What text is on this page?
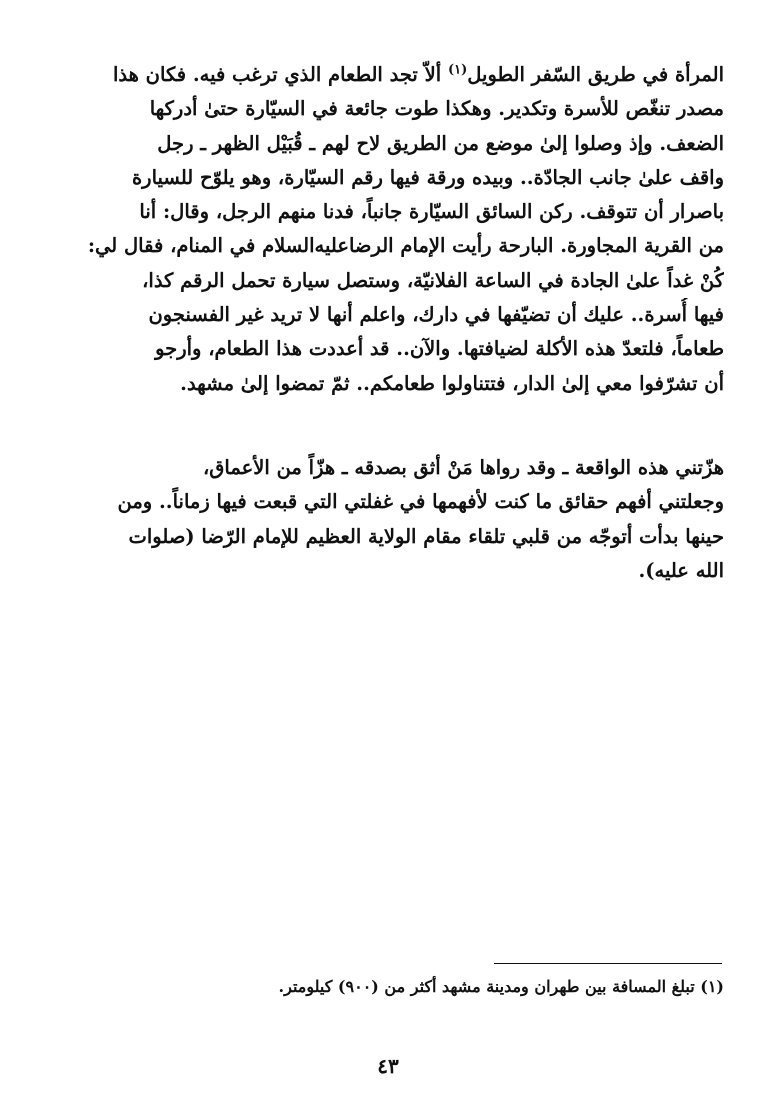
المرأة في طريق السّفر الطويل$^{(١)}$ ألاّ تجد الطعام الذي ترغب فيه. فكان هذا
مصدر تنغّص للأسرة وتكدير. وهكذا طوت جائعة في السيّارة حتىٰ أدركها
الضعف. وإذ وصلوا إلىٰ موضع من الطريق لاح لهم ـ قُبَيْل الظهر ـ رجل
واقف علىٰ جانب الجادّة.. وبيده ورقة فيها رقم السيّارة، وهو يلوّح للسيارة
باصرار أن تتوقف. ركن السائق السيّارة جانباً، فدنا منهم الرجل، وقال: أنا
من القرية المجاورة. البارحة رأيت الإمام الرضاعليه‌السلام في المنام، فقال لي:
كُنْ غداً علىٰ الجادة في الساعة الفلانيّة، وستصل سيارة تحمل الرقم كذا،
فيها أُسرة.. عليك أن تضيّفها في دارك، واعلم أنها لا تريد غير الفسنجون
طعاماً، فلتعدّ هذه الأكلة لضيافتها. والآن.. قد أعددت هذا الطعام، وأرجو
أن تشرّفوا معي إلىٰ الدار، فتتناولوا طعامكم.. ثمّ تمضوا إلىٰ مشهد.
هزّتني هذه الواقعة ـ وقد رواها مَنْ أثق بصدقه ـ هزّاً من الأعماق،
وجعلتني أفهم حقائق ما كنت لأفهمها في غفلتي التي قبعت فيها زماناً.. ومن
حينها بدأت أتوجّه من قلبي تلقاء مقام الولاية العظيم للإمام الرّضا (صلوات
الله عليه).

(١) تبلغ المسافة بين طهران ومدينة مشهد أكثر من (٩٠٠) كيلومتر.

٤٣
